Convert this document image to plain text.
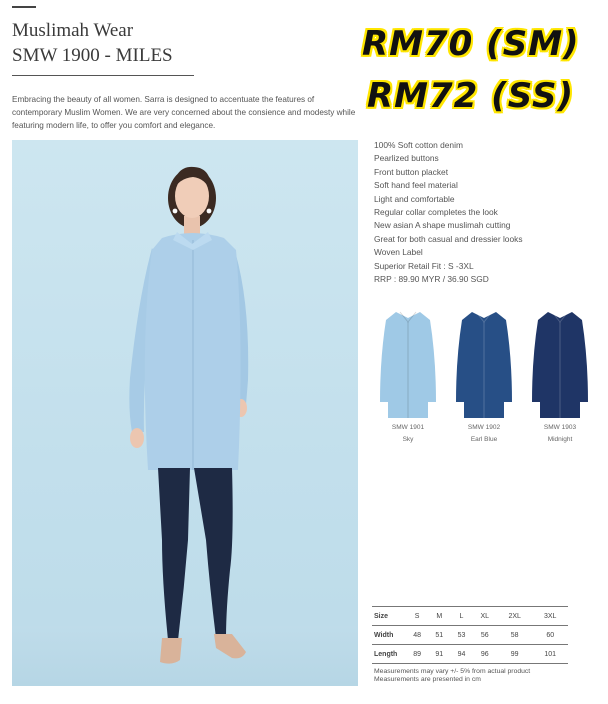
Muslimah Wear
SMW 1900 - MILES	RM70 (SM)
RM72 (SS)

Embracing the beauty of all women. Sarra is designed to accentuate the features of contemporary Muslim Women. We are very concerned about the consience and modesty while featuring modern life, to offer you comfort and elegance.

100% Soft cotton denim
Pearlized buttons
Front button placket
Soft hand feel material
Light and comfortable
Regular collar completes the look
New asian A shape muslimah cutting
Great for both casual and dressier looks
Woven Label
Superior Retail Fit : S -3XL
RRP : 89.90 MYR / 36.90 SGD
SMW 1901
Sky
SMW 1902
Earl Blue
SMW 1903
Midnight
Size	S	M	L	XL	2XL	3XL
Width	48	51	53	56	58	60
Length	89	91	94	96	99	101
Measurements may vary +/- 5% from actual product
Measurements are presented in cm
